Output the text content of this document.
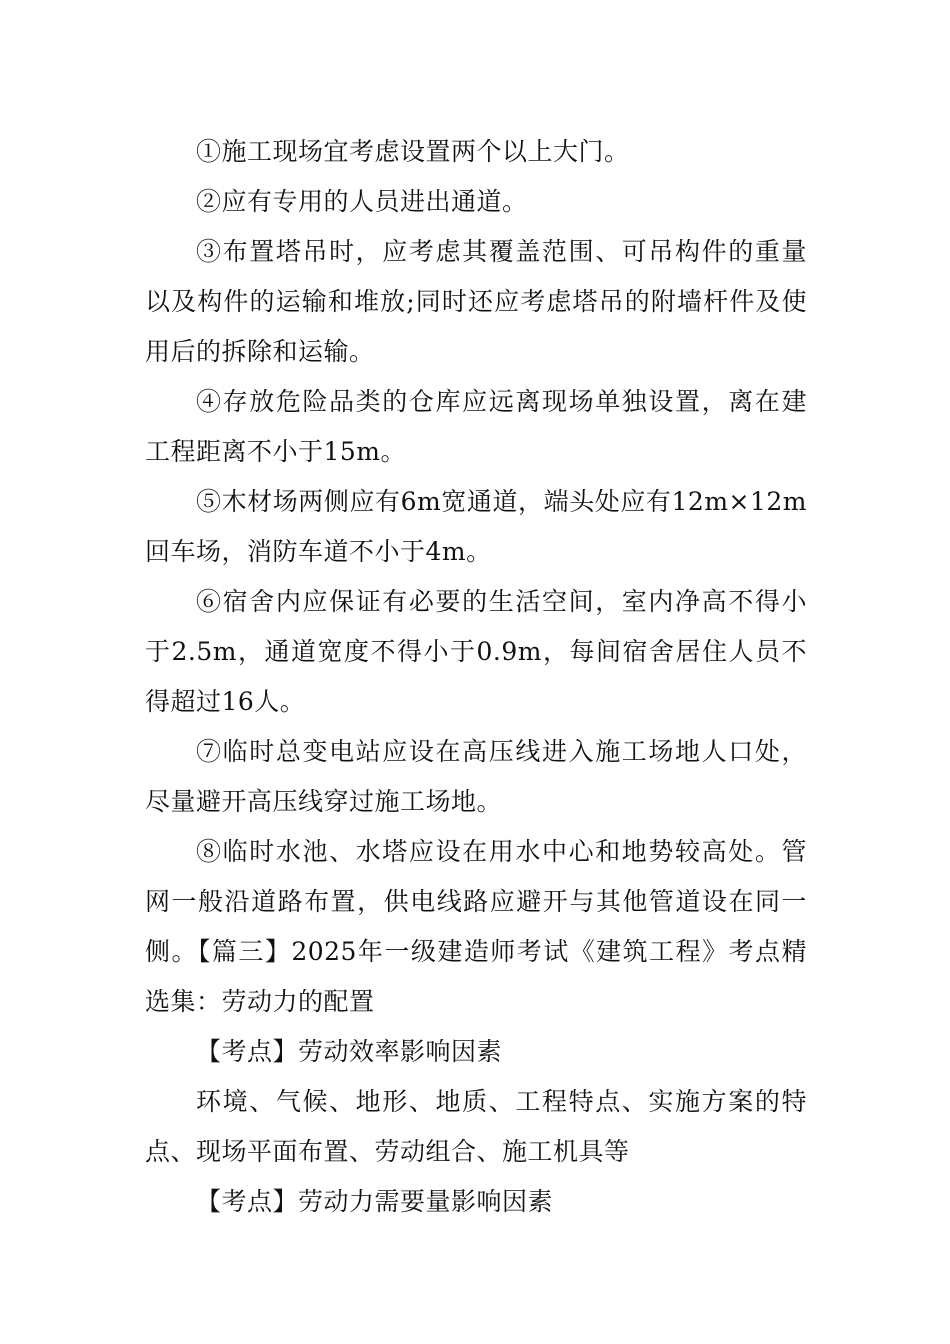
①施工现场宜考虑设置两个以上大门。

②应有专用的人员进出通道。

③布置塔吊时，应考虑其覆盖范围、可吊构件的重量以及构件的运输和堆放;同时还应考虑塔吊的附墙杆件及使用后的拆除和运输。

④存放危险品类的仓库应远离现场单独设置，离在建工程距离不小于15m。

⑤木材场两侧应有6m宽通道，端头处应有12m×12m回车场，消防车道不小于4m。

⑥宿舍内应保证有必要的生活空间，室内净高不得小于2.5m，通道宽度不得小于0.9m，每间宿舍居住人员不得超过16人。

⑦临时总变电站应设在高压线进入施工场地人口处，尽量避开高压线穿过施工场地。

⑧临时水池、水塔应设在用水中心和地势较高处。管网一般沿道路布置，供电线路应避开与其他管道设在同一侧。【篇三】2025年一级建造师考试《建筑工程》考点精选集：劳动力的配置

【考点】劳动效率影响因素

环境、气候、地形、地质、工程特点、实施方案的特点、现场平面布置、劳动组合、施工机具等

【考点】劳动力需要量影响因素
